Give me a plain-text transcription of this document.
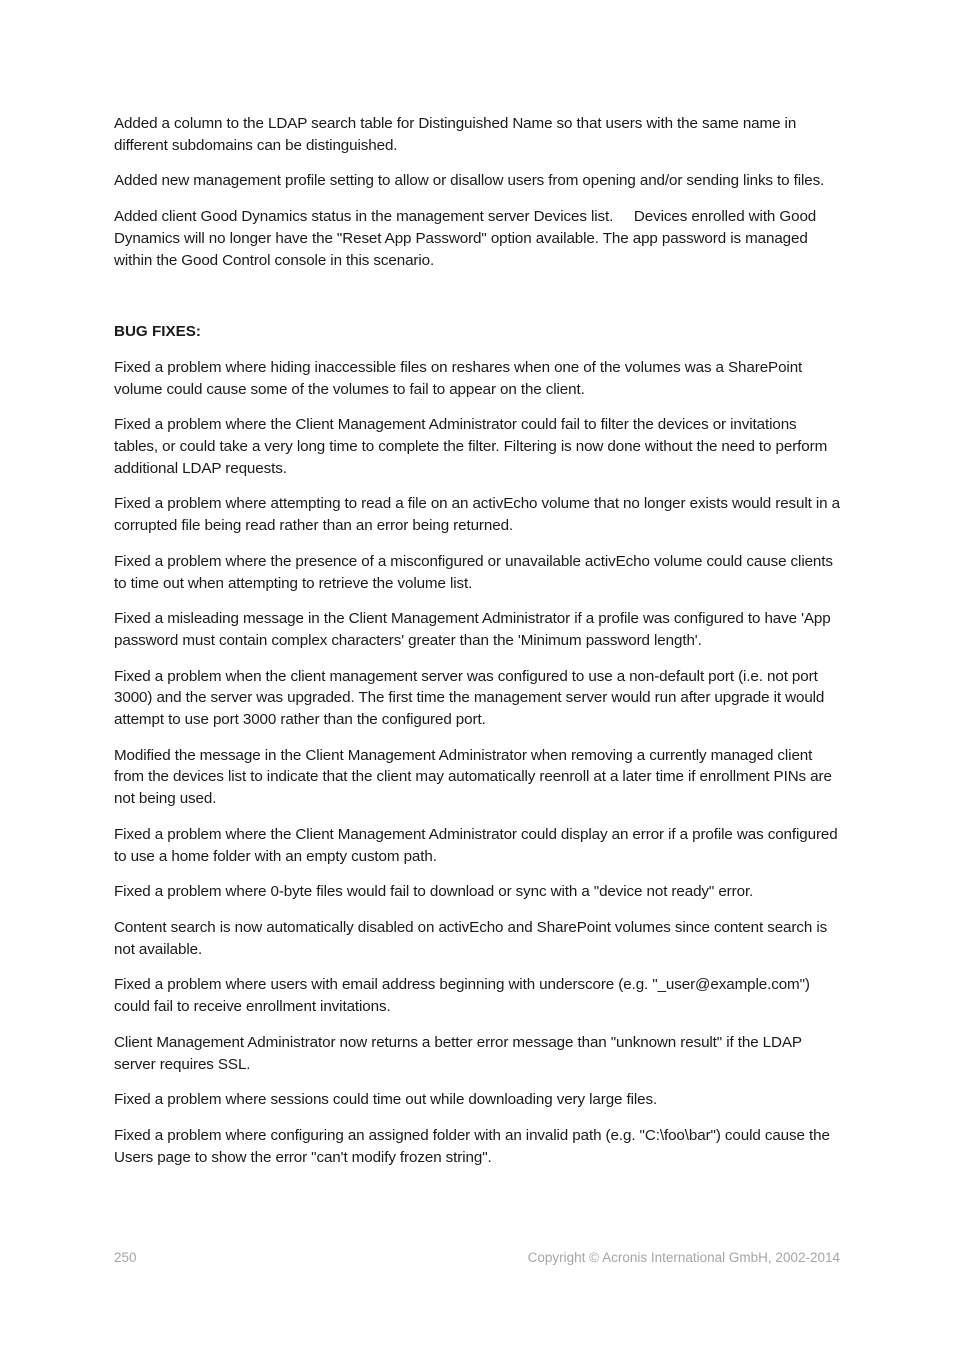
Added a column to the LDAP search table for Distinguished Name so that users with the same name in different subdomains can be distinguished.

Added new management profile setting to allow or disallow users from opening and/or sending links to files.

Added client Good Dynamics status in the management server Devices list.     Devices enrolled with Good Dynamics will no longer have the "Reset App Password" option available. The app password is managed within the Good Control console in this scenario.

BUG FIXES:

Fixed a problem where hiding inaccessible files on reshares when one of the volumes was a SharePoint volume could cause some of the volumes to fail to appear on the client.

Fixed a problem where the Client Management Administrator could fail to filter the devices or invitations tables, or could take a very long time to complete the filter. Filtering is now done without the need to perform additional LDAP requests.

Fixed a problem where attempting to read a file on an activEcho volume that no longer exists would result in a corrupted file being read rather than an error being returned.

Fixed a problem where the presence of a misconfigured or unavailable activEcho volume could cause clients to time out when attempting to retrieve the volume list.

Fixed a misleading message in the Client Management Administrator if a profile was configured to have 'App password must contain complex characters' greater than the 'Minimum password length'.

Fixed a problem when the client management server was configured to use a non-default port (i.e. not port 3000) and the server was upgraded. The first time the management server would run after upgrade it would attempt to use port 3000 rather than the configured port.

Modified the message in the Client Management Administrator when removing a currently managed client from the devices list to indicate that the client may automatically reenroll at a later time if enrollment PINs are not being used.

Fixed a problem where the Client Management Administrator could display an error if a profile was configured to use a home folder with an empty custom path.

Fixed a problem where 0-byte files would fail to download or sync with a "device not ready" error.

Content search is now automatically disabled on activEcho and SharePoint volumes since content search is not available.

Fixed a problem where users with email address beginning with underscore (e.g. "_user@example.com") could fail to receive enrollment invitations.

Client Management Administrator now returns a better error message than "unknown result" if the LDAP server requires SSL.

Fixed a problem where sessions could time out while downloading very large files.

Fixed a problem where configuring an assigned folder with an invalid path (e.g. "C:\foo\bar") could cause the Users page to show the error "can't modify frozen string".

250	Copyright © Acronis International GmbH, 2002-2014
